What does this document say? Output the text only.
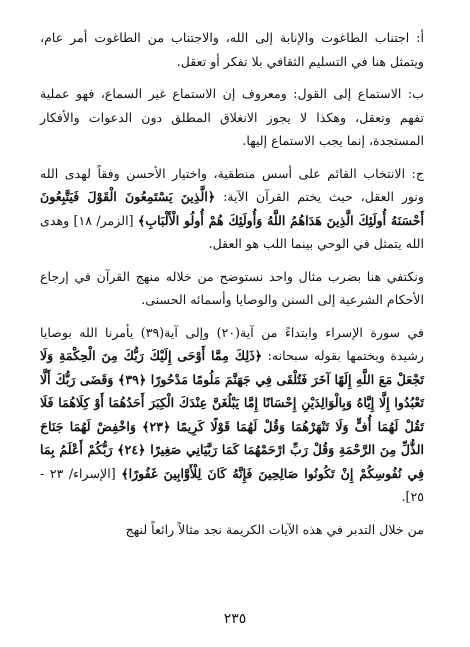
أ: اجتناب الطاغوت والإنابة إلى الله، والاجتناب من الطاغوت أمر عام، ويتمثل هنا في التسليم الثقافي بلا تفكر أو تعقل.

ب: الاستماع إلى القول: ومعروف إن الاستماع غير السماع، فهو عملية تفهم وتعقل، وهكذا لا يجوز الانغلاق المطلق دون الدعوات والأفكار المستجدة، إنما يجب الاستماع إليها.

ج: الانتخاب القائم على أسس منطقية، واختيار الأحسن وفقاً لهدى الله ونور العقل، حيث يختم القرآن الآية: ﴿الَّذِينَ يَسْتَمِعُونَ الْقَوْلَ فَيَتَّبِعُونَ أَحْسَنَهُ أُولَئِكَ الَّذِينَ هَدَاهُمُ اللَّهُ وَأُولَئِكَ هُمْ أُولُو الْأَلْبَابِ﴾ [الزمر/ ١٨] وهدى الله يتمثل في الوحي بينما اللب هو العقل.

ونكتفي هنا بضرب مثال واحد نستوضح من خلاله منهج القرآن في إرجاع الأحكام الشرعية إلى السنن والوصايا وأسمائه الحسنى.

في سورة الإسراء وابتداءً من آية(٢٠) وإلى آية(٣٩) يأمرنا الله بوصايا رشيدة ويختمها بقوله سبحانه: ﴿ذَلِكَ مِمَّا أَوْحَى إِلَيْكَ رَبُّكَ مِنَ الْحِكْمَةِ وَلَا تَجْعَلْ مَعَ اللَّهِ إِلَهًا آخَرَ فَتُلْقَى فِي جَهَنَّمَ مَلُومًا مَدْحُورًا ﴿٣٩﴾ وَقَضَى رَبُّكَ أَلَّا تَعْبُدُوا إِلَّا إِيَّاهُ وَبِالْوَالِدَيْنِ إِحْسَانًا إِمَّا يَبْلُغَنَّ عِنْدَكَ الْكِبَرَ أَحَدُهُمَا أَوْ كِلَاهُمَا فَلَا تَقُلْ لَهُمَا أُفٍّ وَلَا تَنْهَرْهُمَا وَقُلْ لَهُمَا قَوْلًا كَرِيمًا ﴿٢٣﴾ وَاخْفِضْ لَهُمَا جَنَاحَ الذُّلِّ مِنَ الرَّحْمَةِ وَقُلْ رَبِّ ارْحَمْهُمَا كَمَا رَبَّيَانِي صَغِيرًا ﴿٢٤﴾ رَبُّكُمْ أَعْلَمُ بِمَا فِي نُفُوسِكُمْ إِنْ تَكُونُوا صَالِحِينَ فَإِنَّهُ كَانَ لِلْأَوَّابِينَ غَفُورًا﴾ [الإسراء/ ٢٣ - ٢٥].

من خلال التدبر في هذه الآيات الكريمة نجد مثالاً رائعاً لنهج

٢٣٥
